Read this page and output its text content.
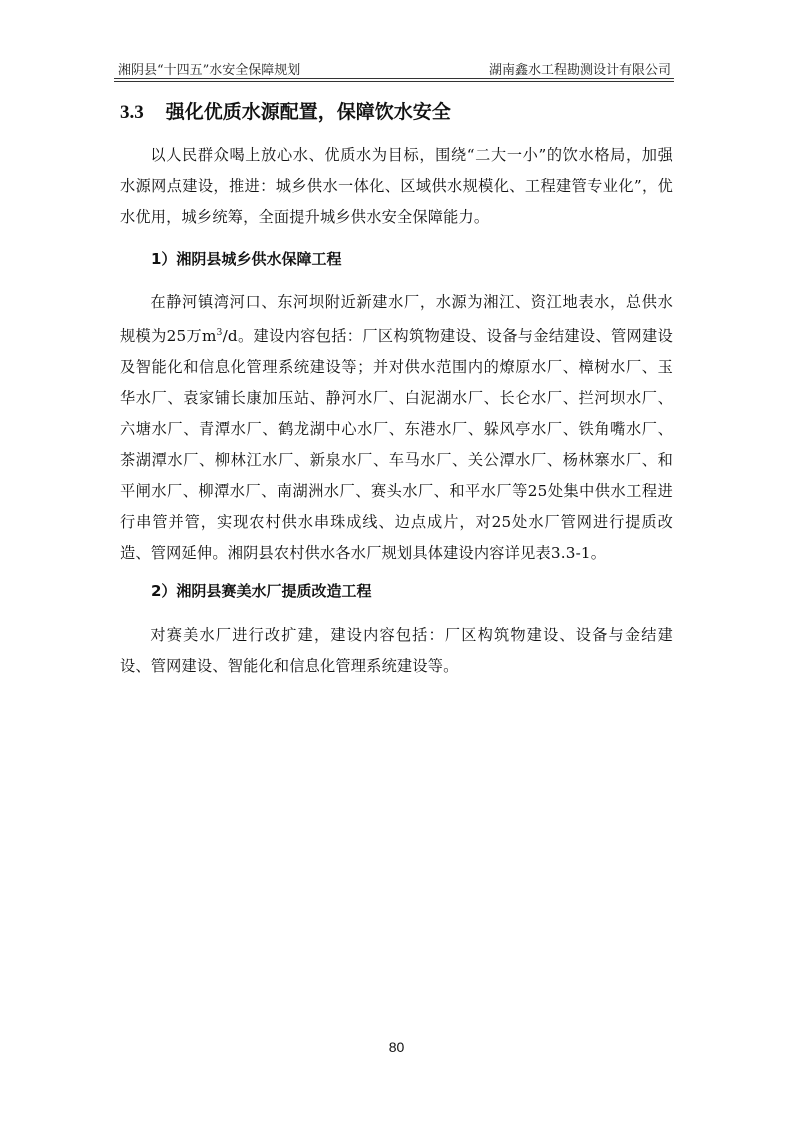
湘阴县“十四五”水安全保障规划	湖南鑫水工程勘测设计有限公司
3.3 强化优质水源配置，保障饮水安全

以人民群众喝上放心水、优质水为目标，围绕“二大一小”的饮水格局，加强水源网点建设，推进：城乡供水一体化、区域供水规模化、工程建管专业化”，优水优用，城乡统筹，全面提升城乡供水安全保障能力。

1）湘阴县城乡供水保障工程

在静河镇湾河口、东河坝附近新建水厂，水源为湘江、资江地表水，总供水规模为25万$m^3/d$。建设内容包括：厂区构筑物建设、设备与金结建设、管网建设及智能化和信息化管理系统建设等；并对供水范围内的燎原水厂、樟树水厂、玉华水厂、袁家铺长康加压站、静河水厂、白泥湖水厂、长仑水厂、拦河坝水厂、六塘水厂、青潭水厂、鹤龙湖中心水厂、东港水厂、躲风亭水厂、铁角嘴水厂、茶湖潭水厂、柳林江水厂、新泉水厂、车马水厂、关公潭水厂、杨林寨水厂、和平闸水厂、柳潭水厂、南湖洲水厂、赛头水厂、和平水厂等25处集中供水工程进行串管并管，实现农村供水串珠成线、边点成片，对25处水厂管网进行提质改造、管网延伸。湘阴县农村供水各水厂规划具体建设内容详见表3.3-1。

2）湘阴县赛美水厂提质改造工程

对赛美水厂进行改扩建，建设内容包括：厂区构筑物建设、设备与金结建设、管网建设、智能化和信息化管理系统建设等。

80
